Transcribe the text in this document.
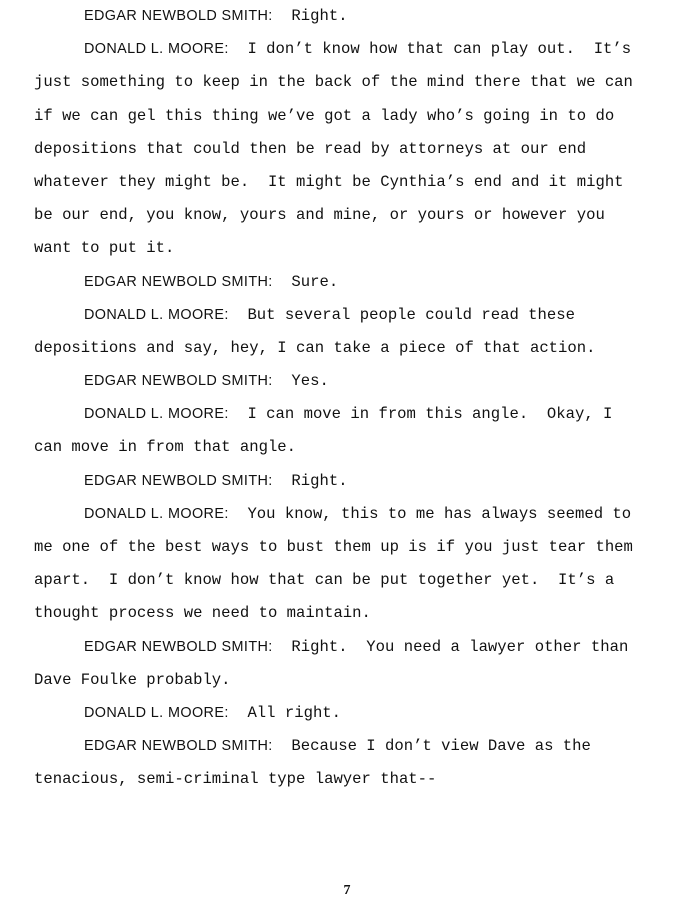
EDGAR NEWBOLD SMITH:  Right.
DONALD L. MOORE:  I don’t know how that can play out.  It’s
just something to keep in the back of the mind there that we can
if we can gel this thing we’ve got a lady who’s going in to do
depositions that could then be read by attorneys at our end
whatever they might be.  It might be Cynthia’s end and it might
be our end, you know, yours and mine, or yours or however you
want to put it.
EDGAR NEWBOLD SMITH:  Sure.
DONALD L. MOORE:  But several people could read these
depositions and say, hey, I can take a piece of that action.
EDGAR NEWBOLD SMITH:  Yes.
DONALD L. MOORE:  I can move in from this angle.  Okay, I
can move in from that angle.
EDGAR NEWBOLD SMITH:  Right.
DONALD L. MOORE:  You know, this to me has always seemed to
me one of the best ways to bust them up is if you just tear them
apart.  I don’t know how that can be put together yet.  It’s a
thought process we need to maintain.
EDGAR NEWBOLD SMITH:  Right.  You need a lawyer other than
Dave Foulke probably.
DONALD L. MOORE:  All right.
EDGAR NEWBOLD SMITH:  Because I don’t view Dave as the
tenacious, semi-criminal type lawyer that--
7
